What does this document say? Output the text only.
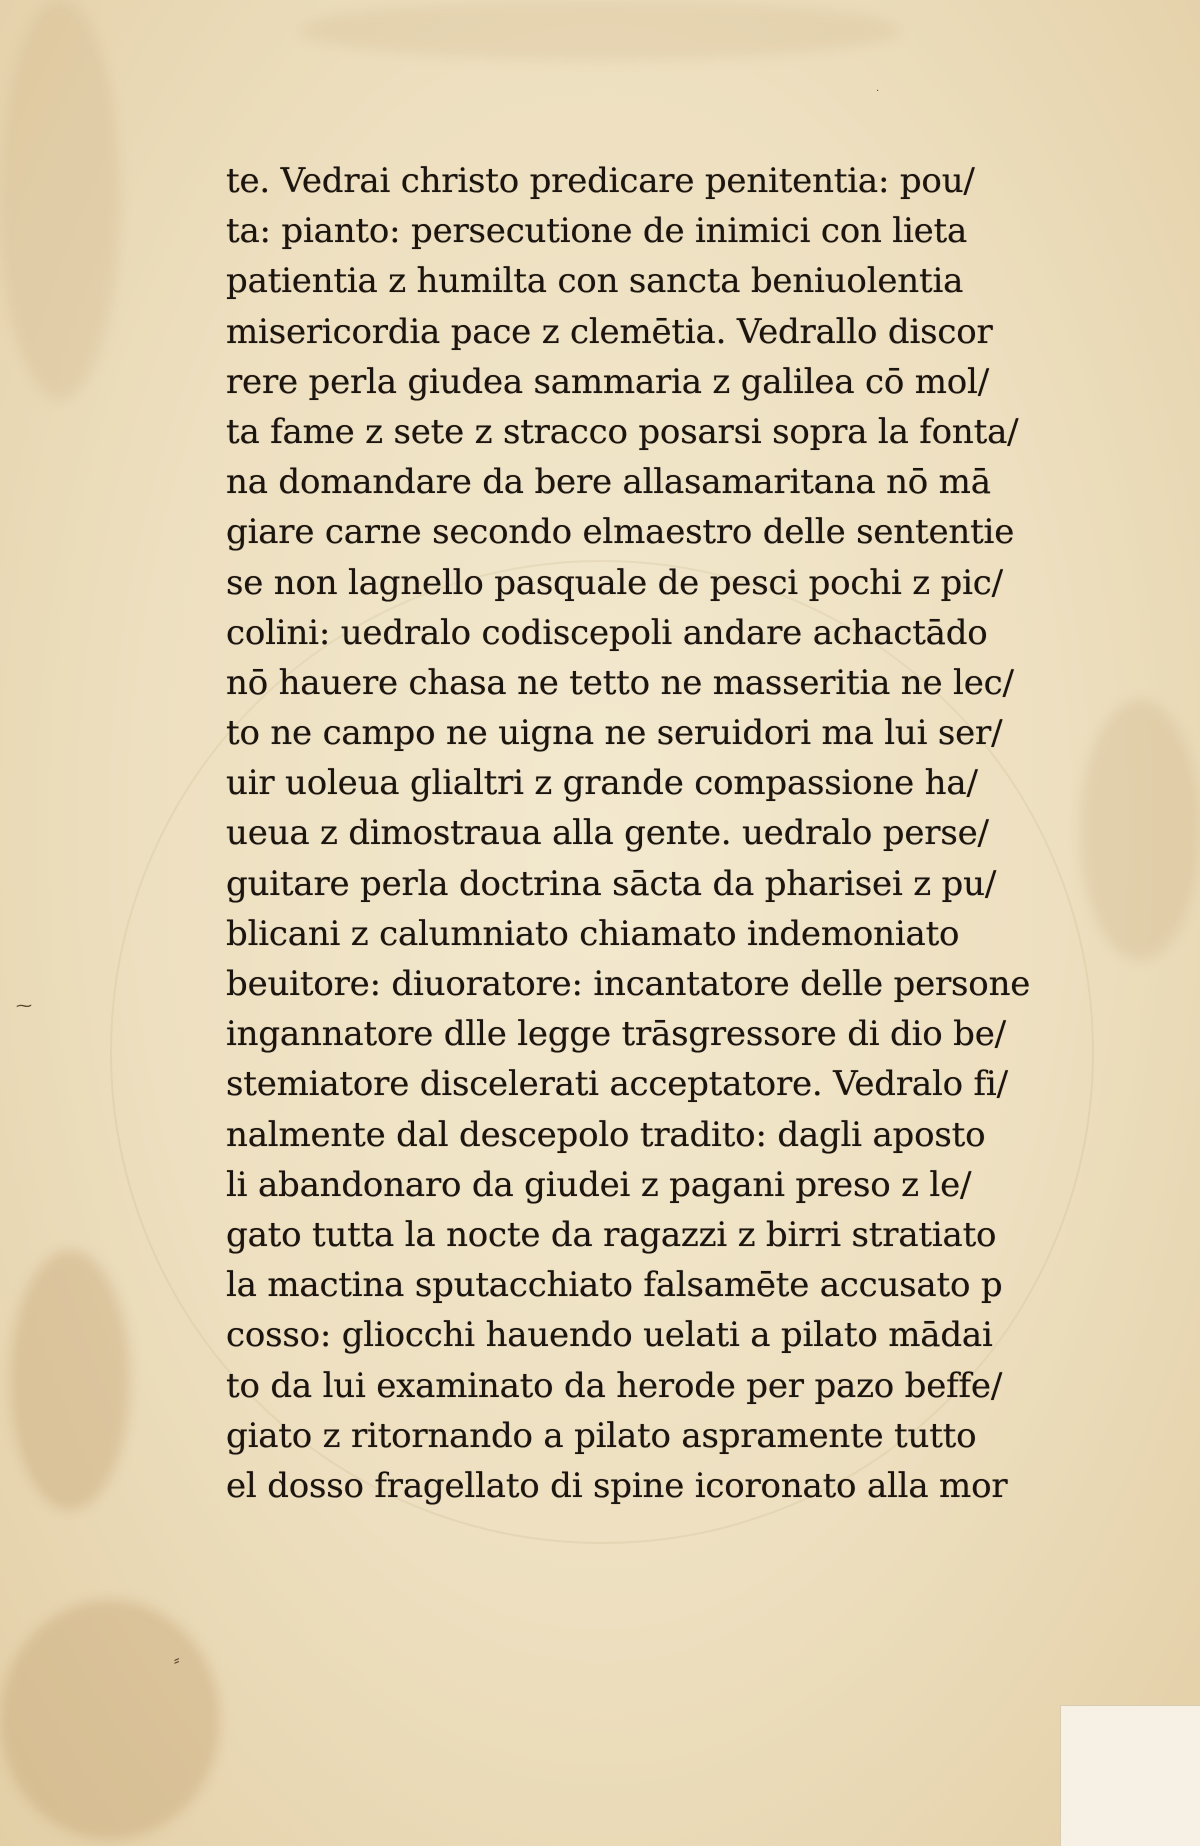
⁓
⸗
·
te. Vedrai christo predicare penitentia: pou/
ta: pianto: persecutione de inimici con lieta
patientia z humilta con sancta beniuolentia
misericordia pace z clemētia. Vedrallo discor
rere perla giudea sammaria z galilea cō mol/
ta fame z sete z stracco posarsi sopra la fonta/
na domandare da bere allasamaritana nō mā
giare carne secondo elmaestro delle sententie
se non lagnello pasquale de pesci pochi z pic/
colini: uedralo codiscepoli andare achactādo
nō hauere chasa ne tetto ne masseritia ne lec/
to ne campo ne uigna ne seruidori ma lui ser/
uir uoleua glialtri z grande compassione ha/
ueua z dimostraua alla gente. uedralo perse/
guitare perla doctrina sācta da pharisei z pu/
blicani z calumniato chiamato indemoniato
beuitore: diuoratore: incantatore delle persone
ingannatore dlle legge trāsgressore di dio be/
stemiatore discelerati acceptatore. Vedralo fi/
nalmente dal descepolo tradito: dagli aposto
li abandonaro da giudei z pagani preso z le/
gato tutta la nocte da ragazzi z birri stratiato
la mactina sputacchiato falsamēte accusato p
cosso: gliocchi hauendo uelati a pilato mādai
to da lui examinato da herode per pazo beffe/
giato z ritornando a pilato aspramente tutto
el dosso fragellato di spine icoronato alla mor
